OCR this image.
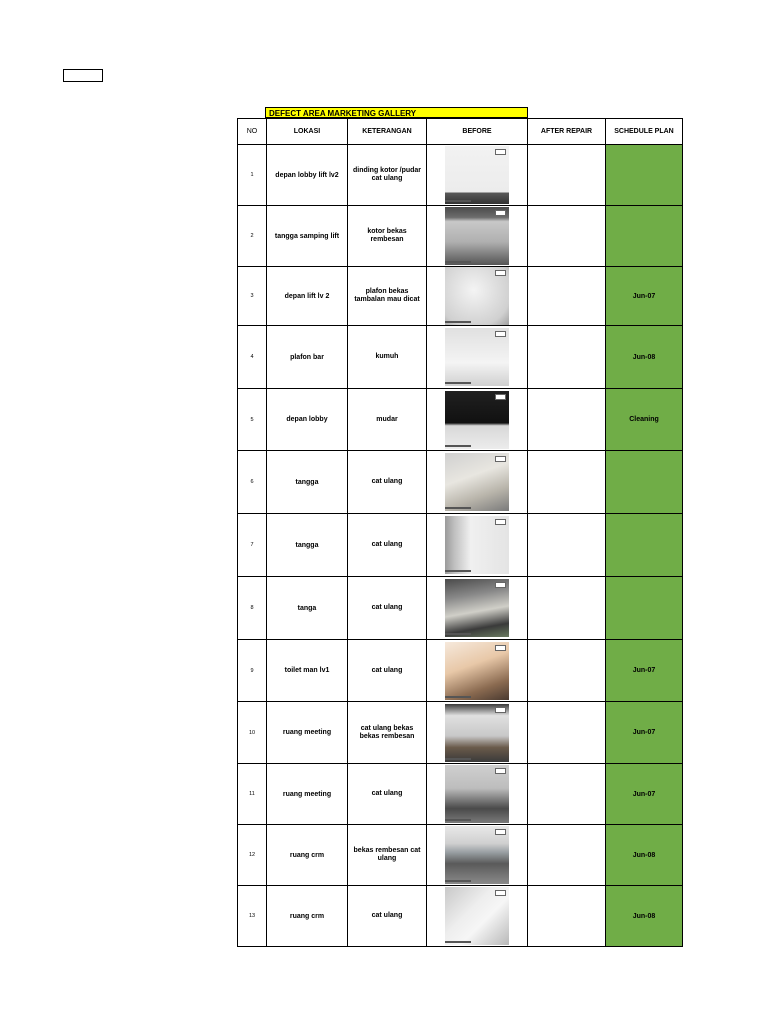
DEFECT AREA MARKETING GALLERY
NO	LOKASI	KETERANGAN	BEFORE	AFTER REPAIR	SCHEDULE PLAN
1	depan lobby lift lv2	dinding kotor /pudar cat ulang	

2	tangga samping lift	kotor bekas rembesan	

3	depan lift lv 2	plafon bekas tambalan mau dicat			Jun-07
4	plafon bar	kumuh			Jun-08
5	depan lobby	mudar			Cleaning
6	tangga	cat ulang	

7	tangga	cat ulang	

8	tanga	cat ulang	

9	toilet man lv1	cat ulang			Jun-07
10	ruang meeting	cat ulang bekas bekas rembesan			Jun-07
11	ruang meeting	cat ulang			Jun-07
12	ruang crm	bekas rembesan cat ulang			Jun-08
13	ruang crm	cat ulang			Jun-08
